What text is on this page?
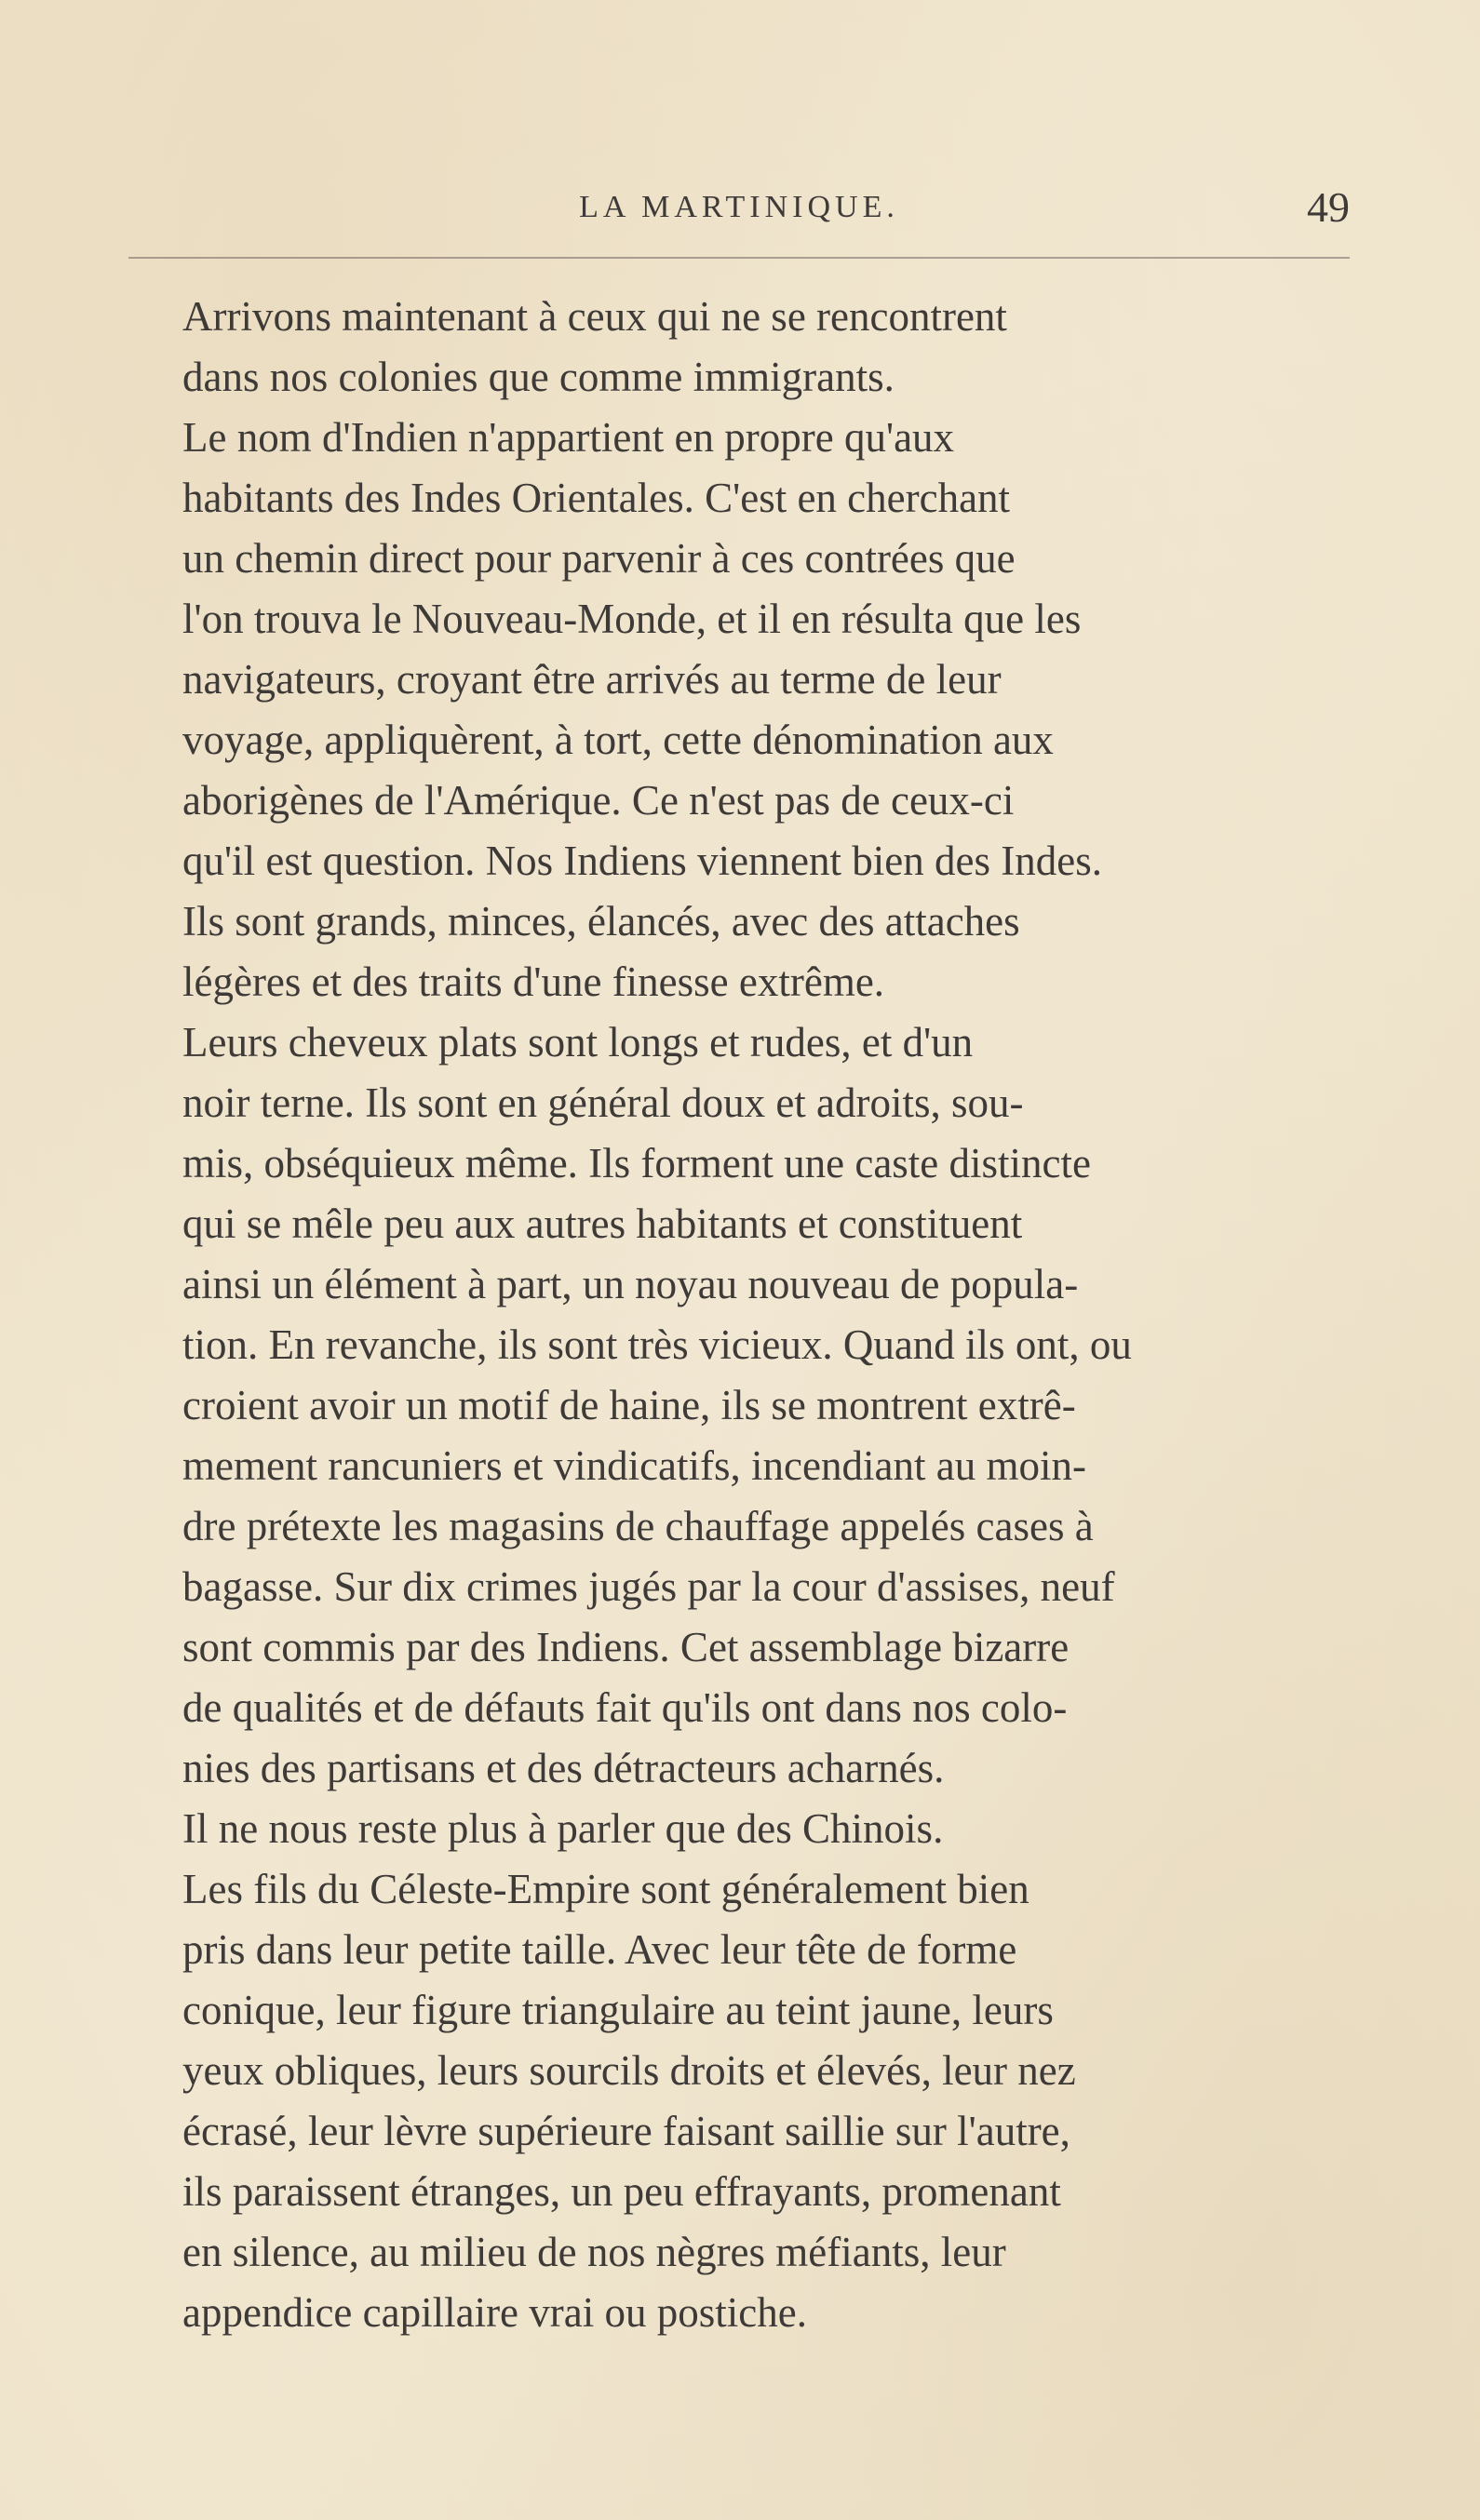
LA MARTINIQUE.	49

Arrivons maintenant à ceux qui ne se rencontrent
dans nos colonies que comme immigrants.

Le nom d'Indien n'appartient en propre qu'aux
habitants des Indes Orientales. C'est en cherchant
un chemin direct pour parvenir à ces contrées que
l'on trouva le Nouveau-Monde, et il en résulta que les
navigateurs, croyant être arrivés au terme de leur
voyage, appliquèrent, à tort, cette dénomination aux
aborigènes de l'Amérique. Ce n'est pas de ceux-ci
qu'il est question. Nos Indiens viennent bien des Indes.
Ils sont grands, minces, élancés, avec des attaches
légères et des traits d'une finesse extrême.

Leurs cheveux plats sont longs et rudes, et d'un
noir terne. Ils sont en général doux et adroits, sou-
mis, obséquieux même. Ils forment une caste distincte
qui se mêle peu aux autres habitants et constituent
ainsi un élément à part, un noyau nouveau de popula-
tion. En revanche, ils sont très vicieux. Quand ils ont, ou
croient avoir un motif de haine, ils se montrent extrê-
mement rancuniers et vindicatifs, incendiant au moin-
dre prétexte les magasins de chauffage appelés cases à
bagasse. Sur dix crimes jugés par la cour d'assises, neuf
sont commis par des Indiens. Cet assemblage bizarre
de qualités et de défauts fait qu'ils ont dans nos colo-
nies des partisans et des détracteurs acharnés.

Il ne nous reste plus à parler que des Chinois.

Les fils du Céleste-Empire sont généralement bien
pris dans leur petite taille. Avec leur tête de forme
conique, leur figure triangulaire au teint jaune, leurs
yeux obliques, leurs sourcils droits et élevés, leur nez
écrasé, leur lèvre supérieure faisant saillie sur l'autre,
ils paraissent étranges, un peu effrayants, promenant
en silence, au milieu de nos nègres méfiants, leur
appendice capillaire vrai ou postiche.
